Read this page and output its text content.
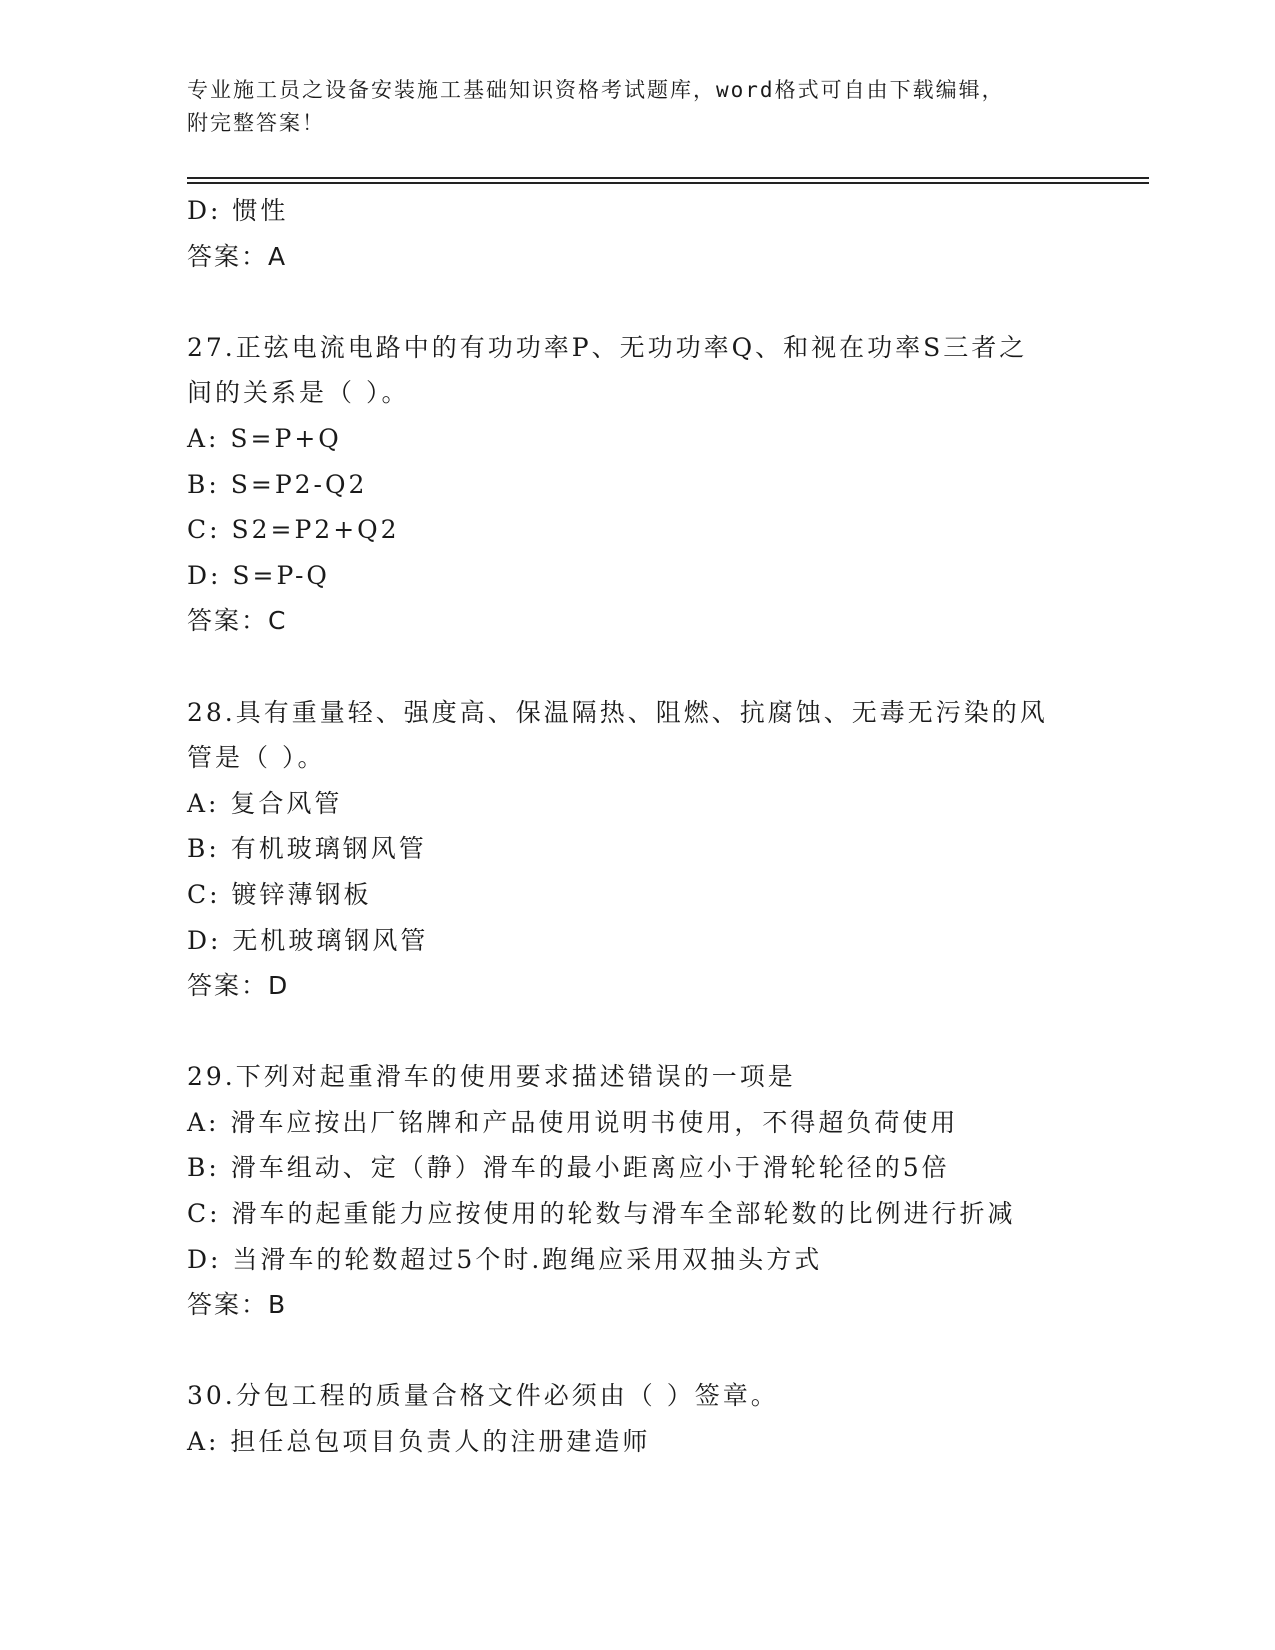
专业施工员之设备安装施工基础知识资格考试题库，word格式可自由下载编辑，
附完整答案！
D: 惯性
答案：A
27.正弦电流电路中的有功功率P、无功功率Q、和视在功率S三者之
间的关系是（ ）。
A: S=P+Q
B: S=P2-Q2
C: S2=P2+Q2
D: S=P-Q
答案：C
28.具有重量轻、强度高、保温隔热、阻燃、抗腐蚀、无毒无污染的风
管是（ ）。
A: 复合风管
B: 有机玻璃钢风管
C: 镀锌薄钢板
D: 无机玻璃钢风管
答案：D
29.下列对起重滑车的使用要求描述错误的一项是
A: 滑车应按出厂铭牌和产品使用说明书使用，不得超负荷使用
B: 滑车组动、定（静）滑车的最小距离应小于滑轮轮径的5倍
C: 滑车的起重能力应按使用的轮数与滑车全部轮数的比例进行折减
D: 当滑车的轮数超过5个时.跑绳应采用双抽头方式
答案：B
30.分包工程的质量合格文件必须由（ ）签章。
A: 担任总包项目负责人的注册建造师
